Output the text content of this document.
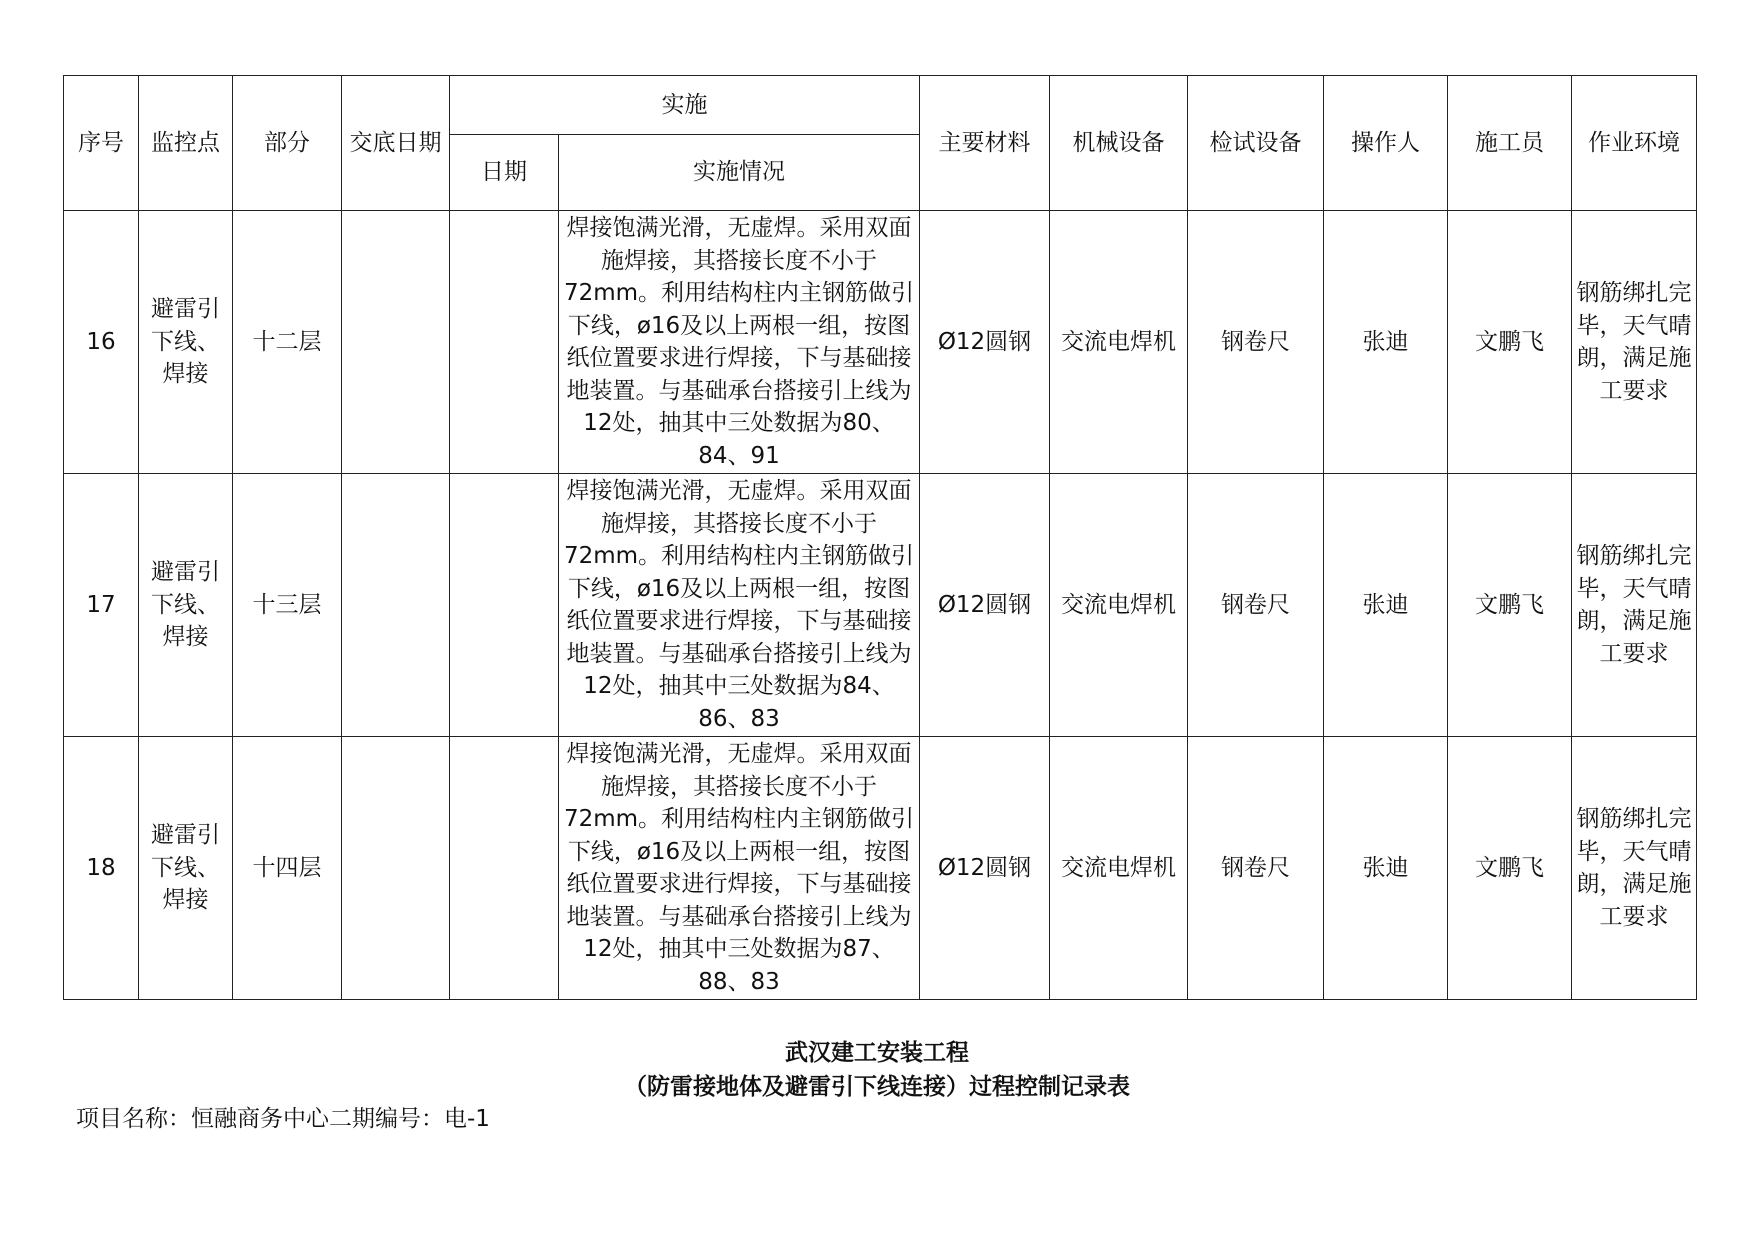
序号	监控点	部分	交底日期	实施		主要材料	机械设备	检试设备	操作人	施工员	作业环境
				日期	实施情况						
16	避雷引下线、焊接	十二层			焊接饱满光滑，无虚焊。采用双面施焊接，其搭接长度不小于72mm。利用结构柱内主钢筋做引下线，ø16及以上两根一组，按图纸位置要求进行焊接，下与基础接地装置。与基础承台搭接引上线为12处，抽其中三处数据为80、84、91	Ø12圆钢	交流电焊机	钢卷尺	张迪	文鹏飞	钢筋绑扎完毕，天气晴朗，满足施工要求
17	避雷引下线、焊接	十三层			焊接饱满光滑，无虚焊。采用双面施焊接，其搭接长度不小于72mm。利用结构柱内主钢筋做引下线，ø16及以上两根一组，按图纸位置要求进行焊接，下与基础接地装置。与基础承台搭接引上线为12处，抽其中三处数据为84、86、83	Ø12圆钢	交流电焊机	钢卷尺	张迪	文鹏飞	钢筋绑扎完毕，天气晴朗，满足施工要求
18	避雷引下线、焊接	十四层			焊接饱满光滑，无虚焊。采用双面施焊接，其搭接长度不小于72mm。利用结构柱内主钢筋做引下线，ø16及以上两根一组，按图纸位置要求进行焊接，下与基础接地装置。与基础承台搭接引上线为12处，抽其中三处数据为87、88、83	Ø12圆钢	交流电焊机	钢卷尺	张迪	文鹏飞	钢筋绑扎完毕，天气晴朗，满足施工要求
武汉建工安装工程
（防雷接地体及避雷引下线连接）过程控制记录表
项目名称：恒融商务中心二期编号：电-1
